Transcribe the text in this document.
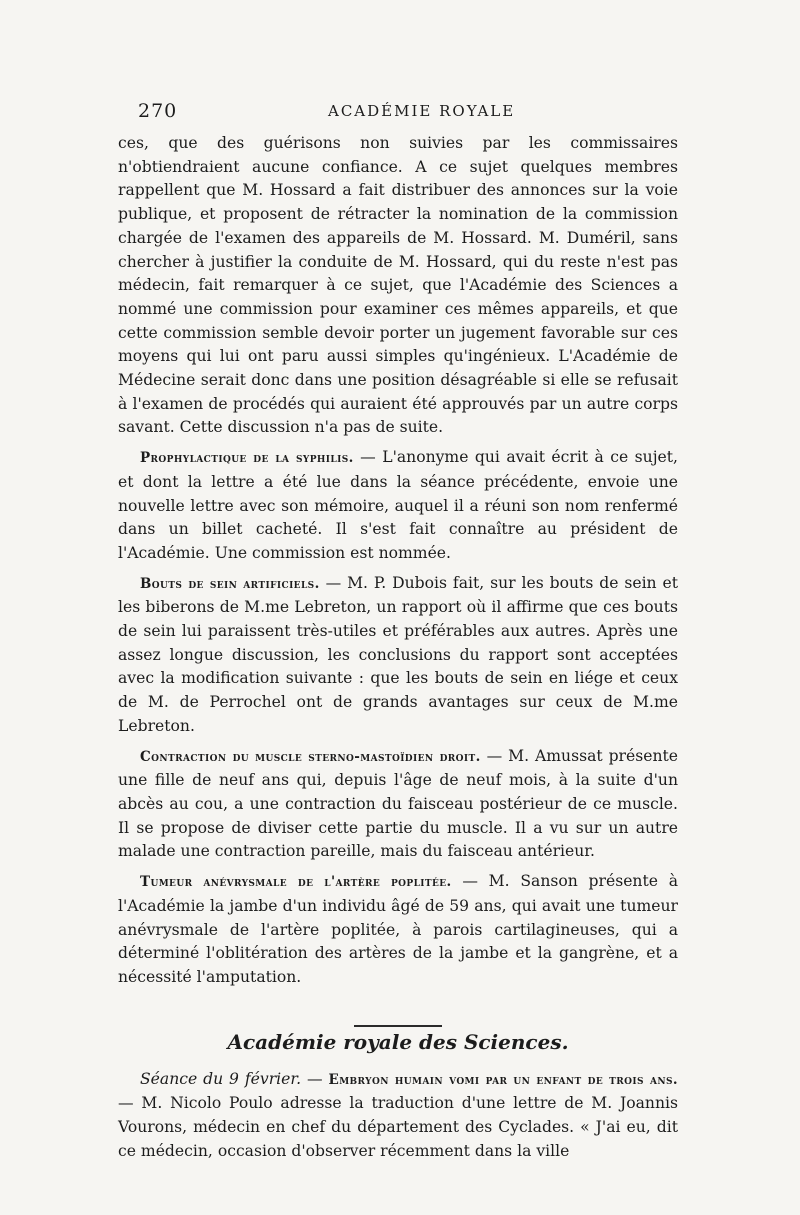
270	ACADÉMIE ROYALE

ces, que des guérisons non suivies par les commissaires n'obtiendraient aucune confiance. A ce sujet quelques membres rappellent que M. Hossard a fait distribuer des annonces sur la voie publique, et proposent de rétracter la nomination de la commission chargée de l'examen des appareils de M. Hossard. M. Duméril, sans chercher à justifier la conduite de M. Hossard, qui du reste n'est pas médecin, fait remarquer à ce sujet, que l'Académie des Sciences a nommé une commission pour examiner ces mêmes appareils, et que cette commission semble devoir porter un jugement favorable sur ces moyens qui lui ont paru aussi simples qu'ingénieux. L'Académie de Médecine serait donc dans une position désagréable si elle se refusait à l'examen de procédés qui auraient été approuvés par un autre corps savant. Cette discussion n'a pas de suite.

Prophylactique de la syphilis. — L'anonyme qui avait écrit à ce sujet, et dont la lettre a été lue dans la séance précédente, envoie une nouvelle lettre avec son mémoire, auquel il a réuni son nom renfermé dans un billet cacheté. Il s'est fait connaître au président de l'Académie. Une commission est nommée.

Bouts de sein artificiels. — M. P. Dubois fait, sur les bouts de sein et les biberons de M.me Lebreton, un rapport où il affirme que ces bouts de sein lui paraissent très-utiles et préférables aux autres. Après une assez longue discussion, les conclusions du rapport sont acceptées avec la modification suivante : que les bouts de sein en liége et ceux de M. de Perrochel ont de grands avantages sur ceux de M.me Lebreton.

Contraction du muscle sterno-mastoïdien droit. — M. Amussat présente une fille de neuf ans qui, depuis l'âge de neuf mois, à la suite d'un abcès au cou, a une contraction du faisceau postérieur de ce muscle. Il se propose de diviser cette partie du muscle. Il a vu sur un autre malade une contraction pareille, mais du faisceau antérieur.

Tumeur anévrysmale de l'artère poplitée. — M. Sanson présente à l'Académie la jambe d'un individu âgé de 59 ans, qui avait une tumeur anévrysmale de l'artère poplitée, à parois cartilagineuses, qui a déterminé l'oblitération des artères de la jambe et la gangrène, et a nécessité l'amputation.

Académie royale des Sciences.

Séance du 9 février. — Embryon humain vomi par un enfant de trois ans. — M. Nicolo Poulo adresse la traduction d'une lettre de M. Joannis Vourons, médecin en chef du département des Cyclades. « J'ai eu, dit ce médecin, occasion d'observer récemment dans la ville
